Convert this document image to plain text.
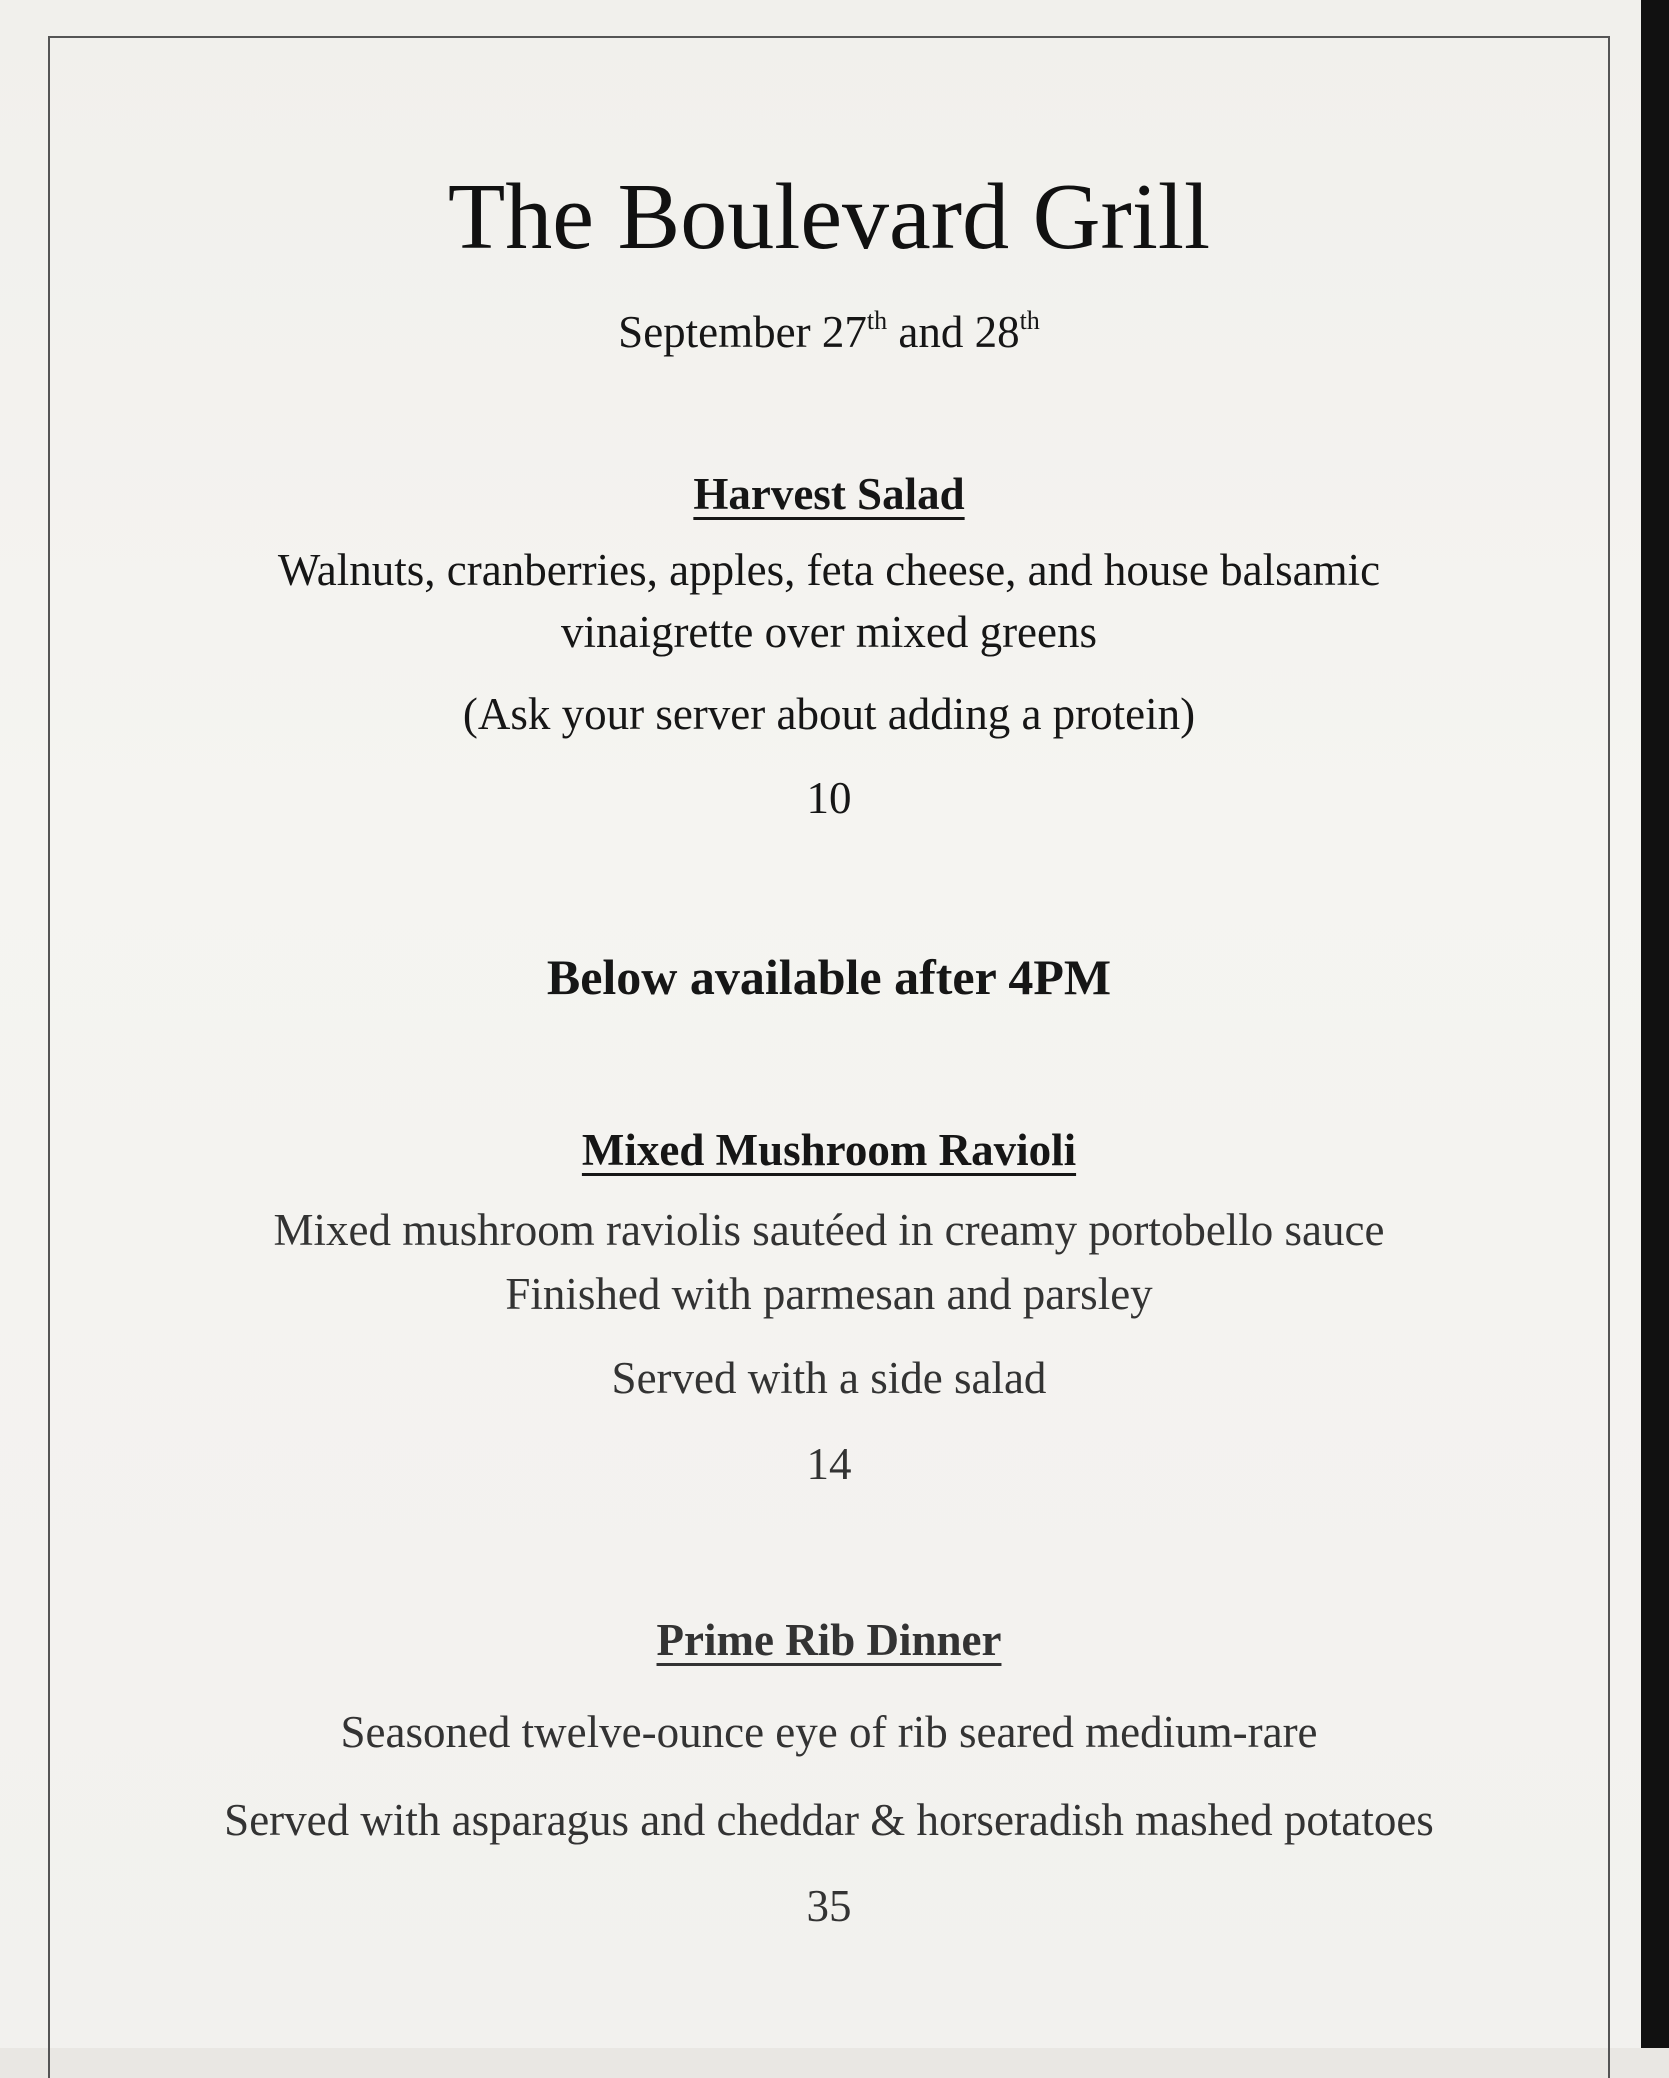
The Boulevard Grill
September 27th and 28th
Harvest Salad
Walnuts, cranberries, apples, feta cheese, and house balsamic
vinaigrette over mixed greens
(Ask your server about adding a protein)
10
Below available after 4PM
Mixed Mushroom Ravioli
Mixed mushroom raviolis sautéed in creamy portobello sauce
Finished with parmesan and parsley
Served with a side salad
14
Prime Rib Dinner
Seasoned twelve-ounce eye of rib seared medium-rare
Served with asparagus and cheddar & horseradish mashed potatoes
35
